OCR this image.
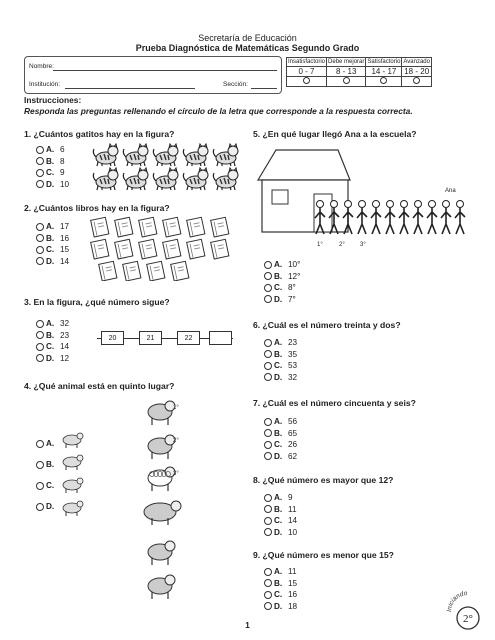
Secretaría de Educación
Prueba Diagnóstica de Matemáticas Segundo Grado
Nombre:
Institución:	Sección:
Insatisfactorio	Debe mejorar	Satisfactorio	Avanzado
0 - 7	8 - 13	14 - 17	18 - 20

Instrucciones:
Responda las preguntas rellenando el círculo de la letra que corresponde a la respuesta correcta.
1. ¿Cuántos gatitos hay en la figura?
A. 6
B. 8
C. 9
D. 10
2. ¿Cuántos libros hay en la figura?
A. 17
B. 16
C. 15
D. 14
3. En la figura, ¿qué número sigue?
A. 32
B. 23
C. 14
D. 12
20	21	22
4. ¿Qué animal está en quinto lugar?
A.
B.
C.
D.
1°
2°
3°
5. ¿En qué lugar llegó Ana a la escuela?
Ana
1°	2°	3°
A. 10°
B. 12°
C. 8°
D. 7°
6. ¿Cuál es el número treinta y dos?
A. 23
B. 35
C. 53
D. 32
7. ¿Cuál es el número cincuenta y seis?
A. 56
B. 65
C. 26
D. 62
8. ¿Qué número es mayor que 12?
A. 9
B. 11
C. 14
D. 10
9. ¿Qué número es menor que 15?
A. 11
B. 15
C. 16
D. 18
1
Iniciando
2°
